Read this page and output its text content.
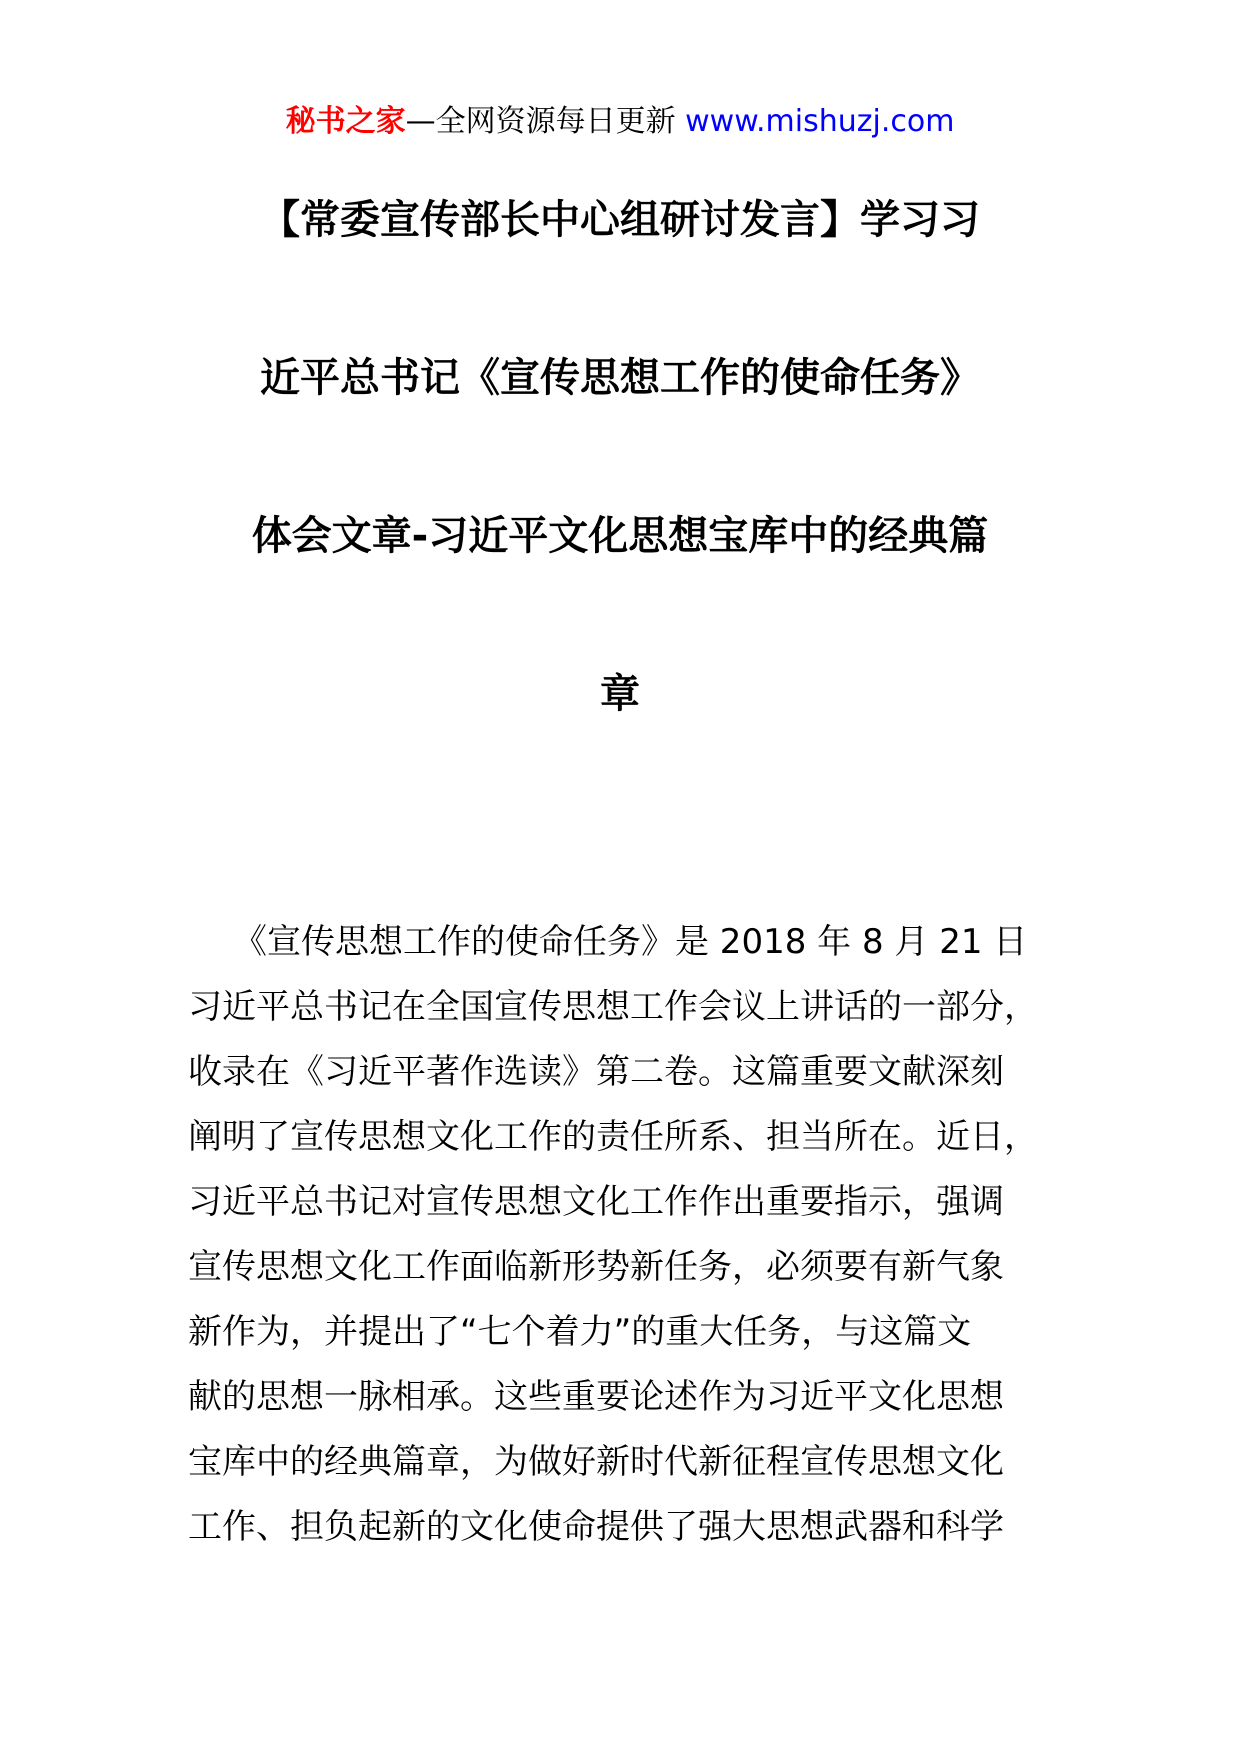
秘书之家—全网资源每日更新 www.mishuzj.com
【常委宣传部长中心组研讨发言】学习习
近平总书记《宣传思想工作的使命任务》
体会文章-习近平文化思想宝库中的经典篇
章

《宣传思想工作的使命任务》是 2018 年 8 月 21 日
习近平总书记在全国宣传思想工作会议上讲话的一部分，
收录在《习近平著作选读》第二卷。这篇重要文献深刻
阐明了宣传思想文化工作的责任所系、担当所在。近日，
习近平总书记对宣传思想文化工作作出重要指示，强调
宣传思想文化工作面临新形势新任务，必须要有新气象
新作为，并提出了“七个着力”的重大任务，与这篇文
献的思想一脉相承。这些重要论述作为习近平文化思想
宝库中的经典篇章，为做好新时代新征程宣传思想文化
工作、担负起新的文化使命提供了强大思想武器和科学
